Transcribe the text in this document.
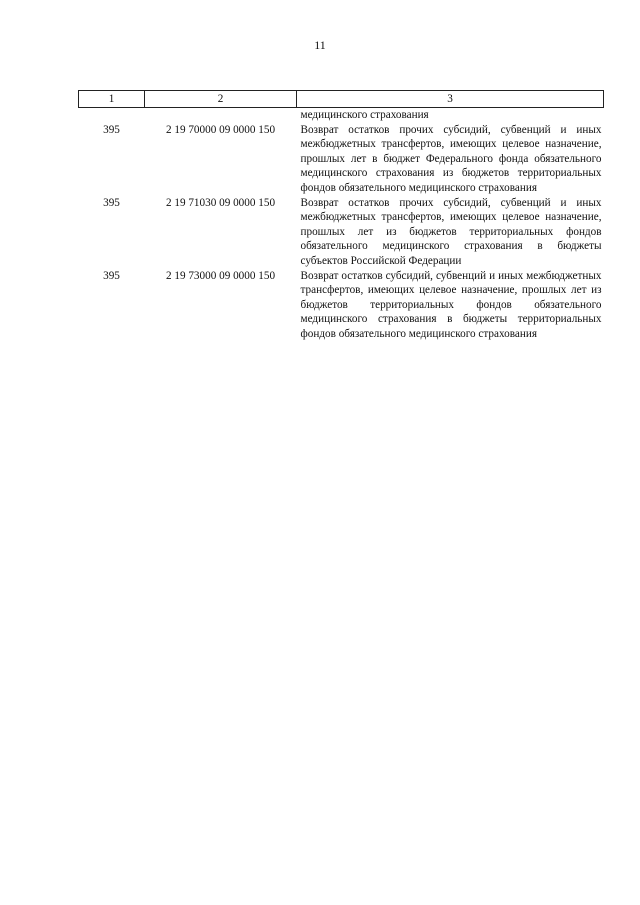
11
1	2	3
		медицинского страхования
395	2 19 70000 09 0000 150	Возврат остатков прочих субсидий, субвенций и иных межбюджетных трансфертов, имеющих целевое назначение, прошлых лет в бюджет Федерального фонда обязательного медицинского страхования из бюджетов территориальных фондов обязательного медицинского страхования
395	2 19 71030 09 0000 150	Возврат остатков прочих субсидий, субвенций и иных межбюджетных трансфертов, имеющих целевое назначение, прошлых лет из бюджетов территориальных фондов обязательного медицинского страхования в бюджеты субъектов Российской Федерации
395	2 19 73000 09 0000 150	Возврат остатков субсидий, субвенций и иных межбюджетных трансфертов, имеющих целевое назначение, прошлых лет из бюджетов территориальных фондов обязательного медицинского страхования в бюджеты территориальных фондов обязательного медицинского страхования
